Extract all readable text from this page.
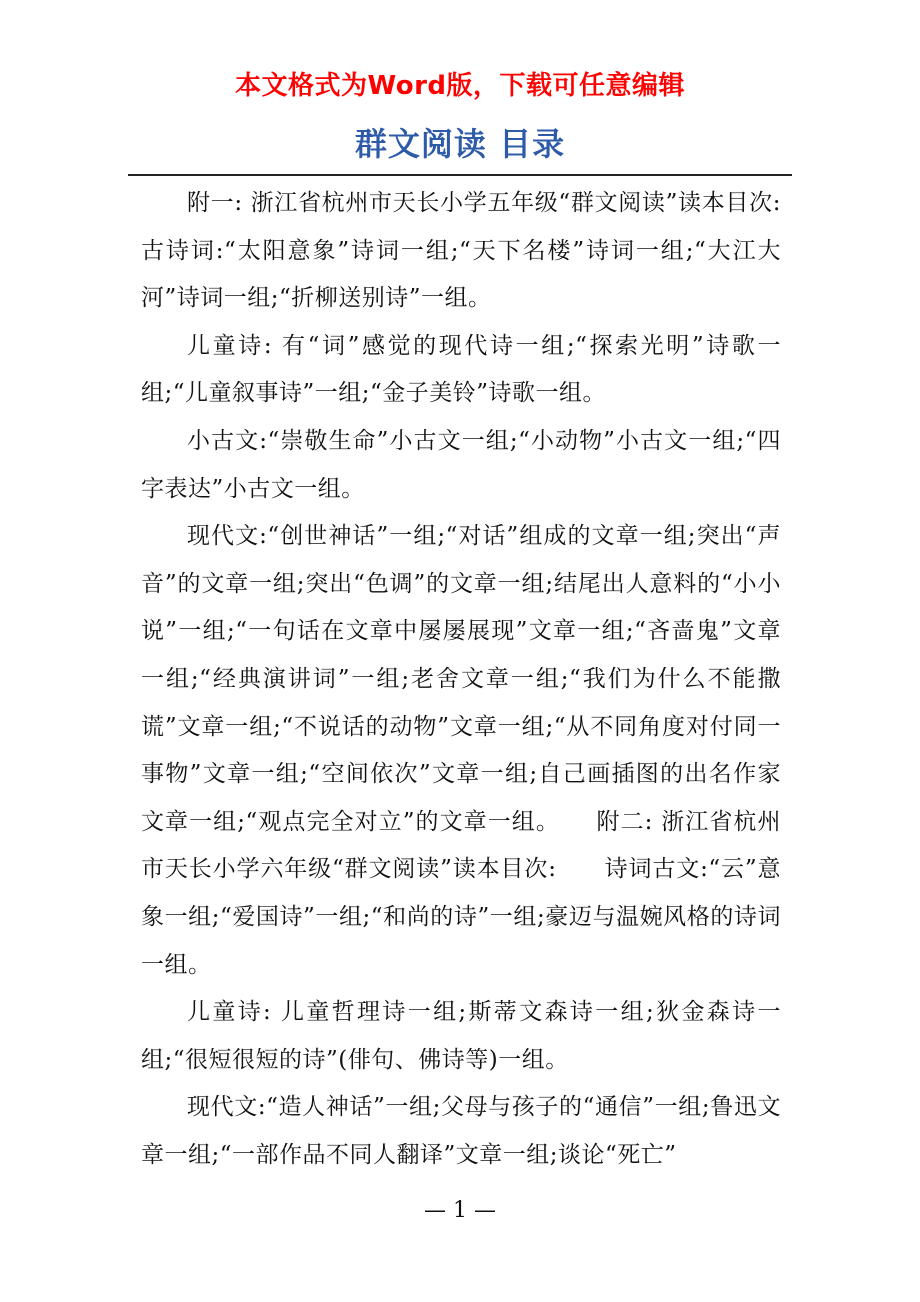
本文格式为Word版，下载可任意编辑
群文阅读 目录

附一: 浙江省杭州市天长小学五年级“群文阅读”读本目次:　　古诗词:“太阳意象”诗词一组;“天下名楼”诗词一组;“大江大河”诗词一组;“折柳送别诗”一组。

儿童诗: 有“词”感觉的现代诗一组;“探索光明”诗歌一组;“儿童叙事诗”一组;“金子美铃”诗歌一组。

小古文:“崇敬生命”小古文一组;“小动物”小古文一组;“四字表达”小古文一组。

现代文:“创世神话”一组;“对话”组成的文章一组;突出“声音”的文章一组;突出“色调”的文章一组;结尾出人意料的“小小说”一组;“一句话在文章中屡屡展现”文章一组;“吝啬鬼”文章一组;“经典演讲词”一组;老舍文章一组;“我们为什么不能撒谎”文章一组;“不说话的动物”文章一组;“从不同角度对付同一事物”文章一组;“空间依次”文章一组;自己画插图的出名作家文章一组;“观点完全对立”的文章一组。　　附二: 浙江省杭州市天长小学六年级“群文阅读”读本目次:　　诗词古文:“云”意象一组;“爱国诗”一组;“和尚的诗”一组;豪迈与温婉风格的诗词一组。

儿童诗: 儿童哲理诗一组;斯蒂文森诗一组;狄金森诗一组;“很短很短的诗”(俳句、佛诗等)一组。

现代文:“造人神话”一组;父母与孩子的“通信”一组;鲁迅文章一组;“一部作品不同人翻译”文章一组;谈论“死亡”

— 1 —
